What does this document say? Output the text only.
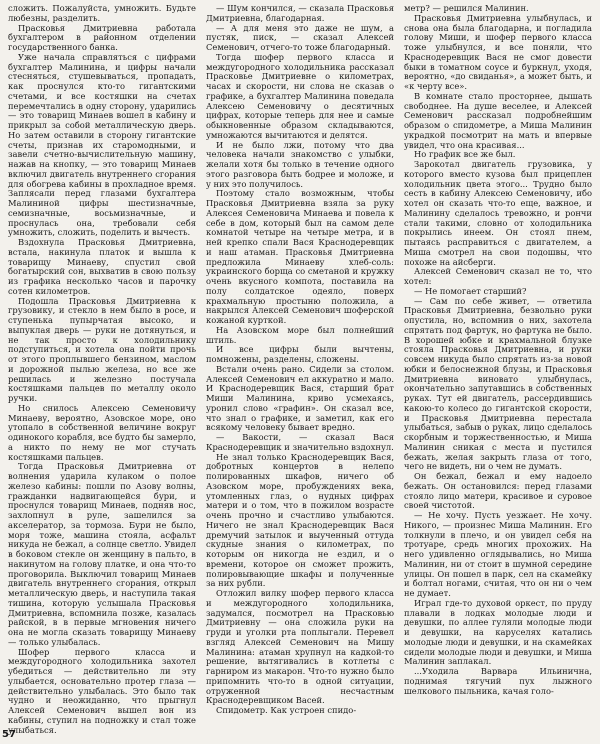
сложить. Пожалуйста, умножить. Будьте любезны, разделить.

Прасковья Дмитриевна работала бухгалтером в районном отделении государственного банка.

Уже начала справляться с цифрами бухгалтер Малинина, и цифры начали стесняться, стушевываться, пропадать, как проснулся кто-то гигантскими счетами, и все костяшки на счетах перемечтались в одну сторону, ударились — это товарищ Минаев вошел в кабину и прикрыл за собой металлическую дверь. Но затем оставили в сторону гигантские счеты, признав их старомодными, и завели счетно-вычислительную машину, нажав на кнопку, — это товарищ Минаев включил двигатель внутреннего сгорания для обогрева кабины в прохладное время. Заплясали перед глазами бухгалтера Малининой цифры шестизначные, семизначные, восьмизначные, и проснулась она, требовали себя умножить, сложить, поделить и вычесть.

Вздохнула Прасковья Дмитриевна, встала, накинула платок и вышла к товарищу Минаеву, спустил свой богатырский сон, выхватив в свою пользу из графика несколько часов и парочку сотен километров.

Подошла Прасковья Дмитриевна к грузовику, и стекло в нем было в росе, и ступенька пупырчатая высоко, и выпуклая дверь — руки не дотянуться, и не так просто к холодильнику подступиться, и хотела она пойти прочь от этого проплывшего бензином, маслом и дорожной пылью железа, но все же решилась и железно постучала костяшками пальцев по металлу около ручки.

Но снилось Алексею Семеновичу Минаеву, вероятно, Азовское море, оно утопало в собственной величине вокруг одинокого корабля, все будто бы замерло, а никто по нему не мог стучать костяшками пальцев.

Тогда Прасковья Дмитриевна от волнения ударила кулаком о полое железо кабины: пошли по Азову волны, гражданки надвигающейся бури, и проснулся товарищ Минаев, подняв нос, захлопнул в руле, зашелился за акселератор, за тормоза. Бури не было, моря тоже, машина стояла, асфальт никуда не бежал, а солнце светло. Увидел в боковом стекле он женщину в пальто, в накинутом на голову платке, и она что-то проговорила. Выключил товарищ Минаев двигатель внутреннего сгорания, открыл металлическую дверь, и наступила такая тишина, которую услышала Прасковья Дмитриевна, вспомнила позже, казалась райской, в в первые мгновения ничего она не могла сказать товарищу Минаеву — только улыбалась.

Шофер первого класса и междугородного холодильника захотел убедиться — действительно ли эту улыбается, основательно протер глаза — действительно улыбалась. Это было так чудно и неожиданно, что прыгнул Алексей Семенович вышел вон из кабины, ступил на подножку и стал тоже улыбаться.

— Шум кончился, — сказала Прасковья Дмитриевна, благодарная.

— А для меня это даже не шум, а пустяк, писк, — сказал Алексей Семенович, отчего-то тоже благодарный.

Тогда шофер первого класса и междугородного холодильника рассказал Прасковье Дмитриевне о километрах, часах и скорости, ни слова не сказав о графике, а бухгалтер Малинина поведала Алексею Семеновичу о десятичных цифрах, которые теперь для нее и самые обыкновенные образом складываются, умножаются вычитаются и делятся.

И не было лжи, потому что два человека начали знакомство с улыбки, желали хотя бы только в течение одного этого разговора быть бодрее и моложе, и у них это получилось.

Поэтому стало возможным, чтобы Прасковья Дмитриевна взяла за руку Алексея Семеновича Минаева и повела к себе в дом, который был на самом деле комнатой четыре на четыре метра, и в ней крепко спали Вася Краснодеревщик и наш атаман. Прасковья Дмитриевна предложила Минаеву хлеб-соль: украинского борща со сметаной и кружку очень вкусного компота, поставила на полу солдатское одеяло, поверх крахмальную простыню положила, а накрылся Алексей Семенович шоферской кожаной курткой.

На Азовском море был полнейший штиль.

И все цифры были вычтены, помножены, разделены, сложены.

Встали очень рано. Сидели за столом. Алексей Семенович ел аккуратно и мало. И Краснодеревщик Вася, старший брат Миши Малинина, криво усмехаясь, уронил слово «графин». Он сказал все, что знал о графике, и заметил, как его всякому человеку бывает вредно.

— Вакости, — сказал Вася Краснодеревщик и значительно вздохнул.

Не знал только Краснодеревщик Вася, добротных концертов в нелепо полированных шкафов, ничего об Азовском море, пробуждениях века, утомленных глаз, о нудных цифрах матери и о том, что в пожилом возрасте очень прочно и счастливо улыбаются. Ничего не знал Краснодеревщик Вася дремучий затылок и выученный оттуда скудные знания о километрах, по которым он никогда не ездил, и о времени, которое он сможет прожить, полировывающие шкафы и полученные за них рубли.

Отложил вилку шофер первого класса и междугородного холодильника, задумался, посмотрел на Прасковью Дмитриевну — она сложила руки на груди и уголки рта поплыгали. Перевел взгляд Алексей Семенович на Мишу Малинина: атаман хрупнул на кадкой-то решение, вытягивались в котлеты с гарниром из макарон. Что-то нужно было припомнить что-то в одной ситуации, отруженной несчастным Краснодеревщиком Васей.

Спидометр. Как устроен спидо-

метр? — решился Малинин.

Прасковья Дмитриевна улыбнулась, и снова она была благодарна, и погладила голову Миши, и шофер первого класса тоже улыбнулся, и все поняли, что Краснодеревщик Вася не смог довести быки в томатном соусе и буркнул, уходя, вероятно, «до свиданья», а может быть, и «к черту все».

В комнате стало просторнее, дышать свободнее. На душе веселее, и Алексей Семенович рассказал подробнейшим образом о спидометре, а Миша Малинин украдкой посмотрит на мать и впервые увидел, что она красивая...

Но график все же был.

Зарокотал двигатель грузовика, у которого вместо кузова был прицеплен холодильник цвета этого... Трудно было сесть в кабину Алексею Семеновичу, ибо хотел он сказать что-то еще, важное, и Малинину сделалось тревожно, и рончи стали такими, словно от холодильника покрылись инеем. Он стоял пнем, пытаясь расправиться с двигателем, а Миша смотрел на свои подошвы, что похоже на айсберги.

Алексей Семенович сказал не то, что хотел:

— Не помогает старший?

— Сам по себе живет, — ответила Прасковья Дмитриевна, безвольно руки опустила, но, вспомнив о них, захотела спрятать под фартук, но фартука не было. В хорошей юбке и крахмальной блузке стояла Прасковья Дмитриевна, и руки совсем никуда было спрятать из-за новой юбки и белоснежной блузы, и Прасковья Дмитриевна виновато улыбнулась, окончательно запутавшись в собственных руках. Тут ей двигатель, рассердившись какою-то колесо до гигантской скорости, и Прасковья Дмитриевна перестала улыбаться, забыв о руках, лицо сделалось скорбным и торжественностью, и Миша Малинин сникая с места и пустился бежать, желая закрыть глаза от того, чего не видеть, ни о чем не думать.

Он бежал, бежал и ему надоело бежать. Он остановился: перед глазами стояло лицо матери, красивое и суровое своей чистотой.

— Не хочу. Пусть уезжает. Не хочу. Никого, — произнес Миша Малинин. Его толкнули в плечо, и он увидел себя на тротуаре, средь многих прохожих. На него удивленно оглядывались, но Миша Малинин, ни от стоит в шумной середине улицы. Он пошел в парк, сел на скамейку и болтал ногами, считая, что он ни о чем не думает.

Играл где-то духовой оркест, по пруду плавали в лодках молодые люди и девушки, по аллее гуляли молодые люди и девушки, на каруселях катались молодые люди и девушки, и на скамейках сидели молодые люди и девушки, и Миша Малинин заплакал.

...Уходила Варвара Ильинична, поднимая тягучий пух лыжного шелкового пыльника, качая голо-

57
